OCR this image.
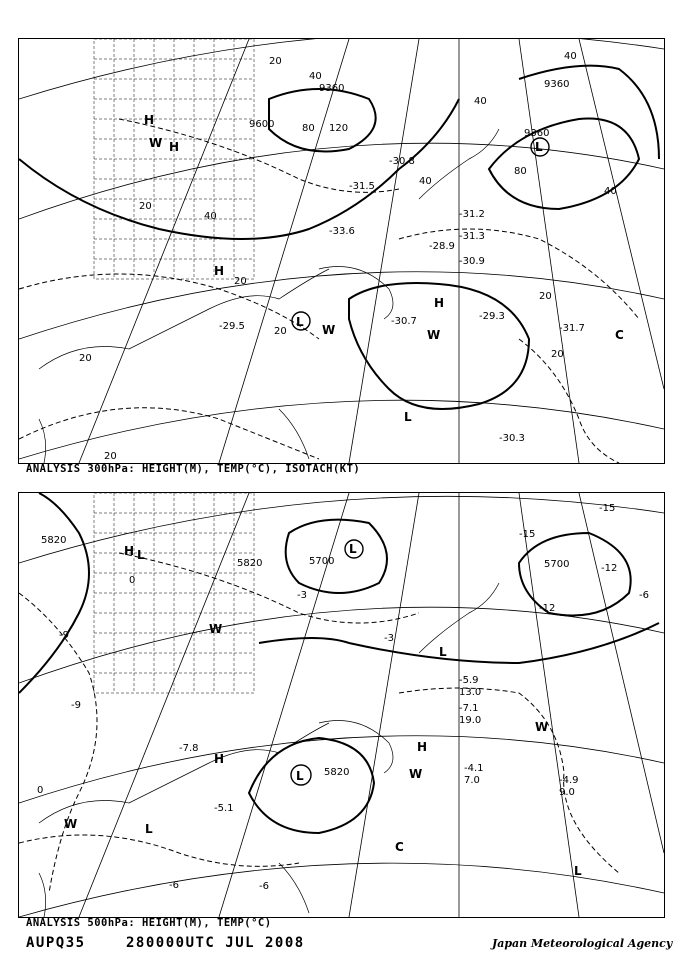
20
40
9600
9360	9360
9360
120
80
40
20
20
20
20
20
40
20
20
40
80
40
40
-29.3
-31.7
-30.7
-30.9
-28.9
-31.5
-30.8
-31.3
-29.5
-30.3
-33.6
-31.2
H
H
H
L
L
H
W
W
C
L
W
ANALYSIS 300hPa: HEIGHT(M), TEMP(°C), ISOTACH(KT)
5820
5820	5700	5700
5820
-15
-12
-6
-9
-3
0
-6
-15
-12
-9
-6
-3
0
-7.1
19.0
-5.9
13.0
-4.1
7.0	-4.9
9.0
-7.8
-5.1
H L	L
W
H
W
L
L
C
W	L
W
L
H
ANALYSIS 500hPa: HEIGHT(M), TEMP(°C)
AUPQ35	280000UTC JUL 2008	Japan Meteorological Agency
